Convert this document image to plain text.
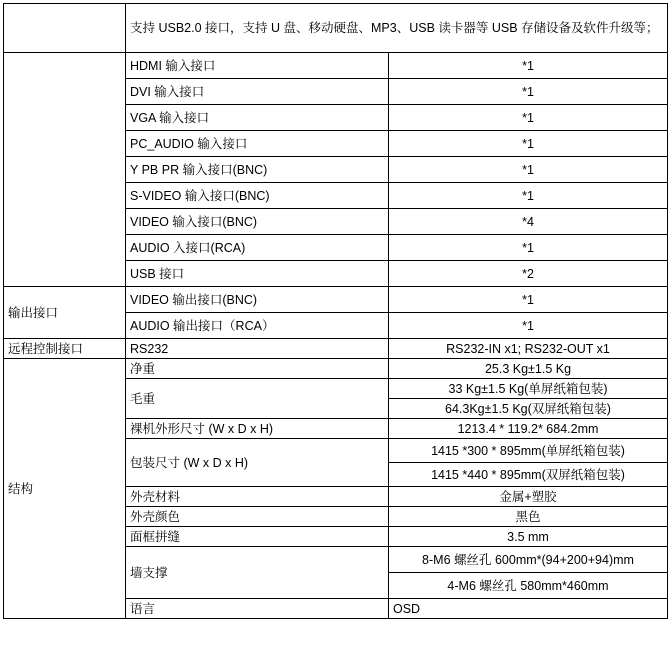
	支持 USB2.0 接口，支持 U 盘、移动硬盘、MP3、USB 读卡器等 USB 存储设备及软件升级等；		
	HDMI 输入接口	*1	
	DVI 输入接口	*1	
	VGA 输入接口	*1	
	PC_AUDIO 输入接口	*1	
	Y PB PR 输入接口(BNC)	*1	
	S-VIDEO 输入接口(BNC)	*1	
	VIDEO 输入接口(BNC)	*4	
	AUDIO 入接口(RCA)	*1	
	USB 接口	*2	
输出接口	VIDEO 输出接口(BNC)	*1	
	AUDIO 输出接口（RCA）	*1	
远程控制接口	RS232	RS232-IN x1; RS232-OUT x1	
结构	净重	25.3 Kg±1.5 Kg	
	毛重	33 Kg±1.5 Kg(单屏纸箱包装)	
		64.3Kg±1.5 Kg(双屏纸箱包装)	
	裸机外形尺寸 (W x D x H)	1213.4 * 119.2* 684.2mm	
	包装尺寸 (W x D x H)	1415 *300 * 895mm(单屏纸箱包装)	
		1415 *440 * 895mm(双屏纸箱包装)	
	外壳材料	金属+塑胶	
	外壳颜色	黑色	
	面框拼缝	3.5 mm	
	墙支撑	8-M6 螺丝孔 600mm*(94+200+94)mm	
		4-M6 螺丝孔 580mm*460mm	
	语言	OSD	
